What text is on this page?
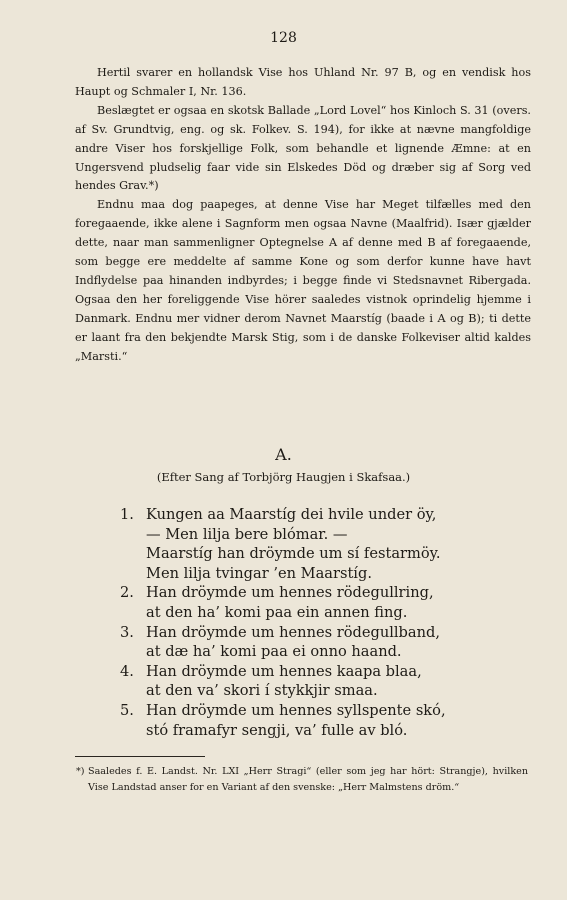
128

Hertil svarer en hollandsk Vise hos Uhland Nr. 97 B, og en vendisk hos Haupt og Schmaler I, Nr. 136.

Beslægtet er ogsaa en skotsk Ballade „Lord Lovel“ hos Kinloch S. 31 (overs. af Sv. Grundtvig, eng. og sk. Folkev. S. 194), for ikke at nævne mangfoldige andre Viser hos forskjellige Folk, som behandle et lignende Æmne: at en Ungersvend pludselig faar vide sin Elskedes Död og dræber sig af Sorg ved hendes Grav.*)

Endnu maa dog paapeges, at denne Vise har Meget tilfælles med den foregaaende, ikke alene i Sagnform men ogsaa Navne (Maalfrid). Især gjælder dette, naar man sammenligner Optegnelse A af denne med B af foregaaende, som begge ere meddelte af samme Kone og som derfor kunne have havt Indflydelse paa hinanden indbyrdes; i begge finde vi Stedsnavnet Ribergada. Ogsaa den her foreliggende Vise hörer saaledes vistnok oprindelig hjemme i Danmark. Endnu mer vidner derom Navnet Maarstíg (baade i A og B); ti dette er laant fra den bekjendte Marsk Stig, som i de danske Folkeviser altid kaldes „Marsti.“

A.
(Efter Sang af Torbjörg Haugjen i Skafsaa.)
1. Kungen aa Maarstíg dei hvile under öy,
— Men lilja bere blómar. —
Maarstíg han dröymde um sí festarmöy.
Men lilja tvingar ’en Maarstíg.
2. Han dröymde um hennes rödegullring,
at den ha’ komi paa ein annen fing.
3. Han dröymde um hennes rödegullband,
at dæ ha’ komi paa ei onno haand.
4. Han dröymde um hennes kaapa blaa,
at den va’ skori í stykkjir smaa.
5. Han dröymde um hennes syllspente skó,
stó framafyr sengji, va’ fulle av bló.
*) Saaledes f. E. Landst. Nr. LXI „Herr Stragi“ (eller som jeg har hört: Strangje), hvilken Vise Landstad anser for en Variant af den svenske: „Herr Malmstens dröm.“
